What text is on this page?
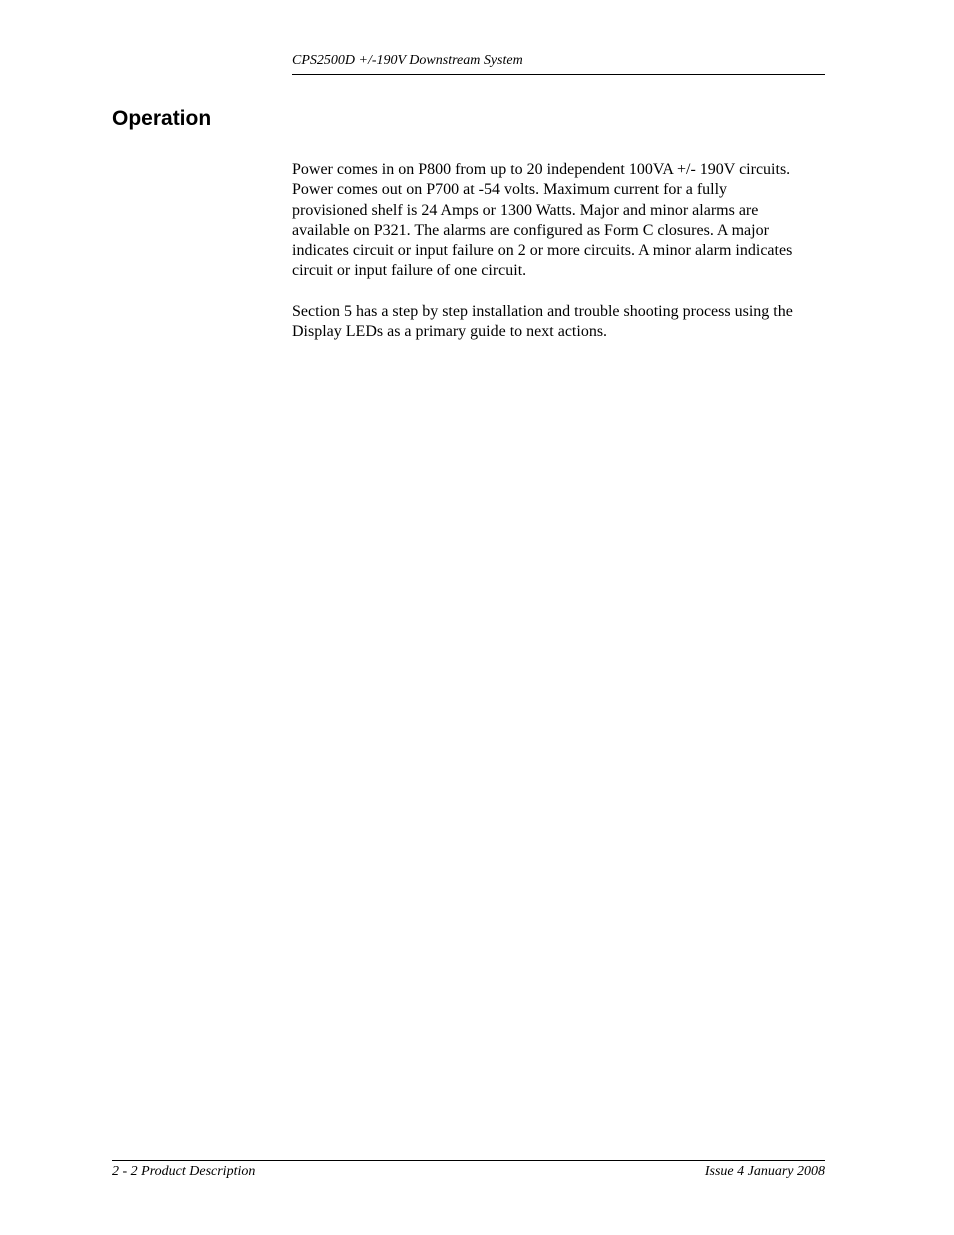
CPS2500D +/-190V Downstream System
Operation

Power comes in on P800 from up to 20 independent 100VA +/- 190V circuits.
Power comes out on P700 at -54 volts. Maximum current for a fully
provisioned shelf is 24 Amps or 1300 Watts. Major and minor alarms are
available on P321. The alarms are configured as Form C closures. A major
indicates circuit or input failure on 2 or more circuits. A minor alarm indicates
circuit or input failure of one circuit.

Section 5 has a step by step installation and trouble shooting process using the
Display LEDs as a primary guide to next actions.

2 - 2 Product Description	Issue 4 January 2008
